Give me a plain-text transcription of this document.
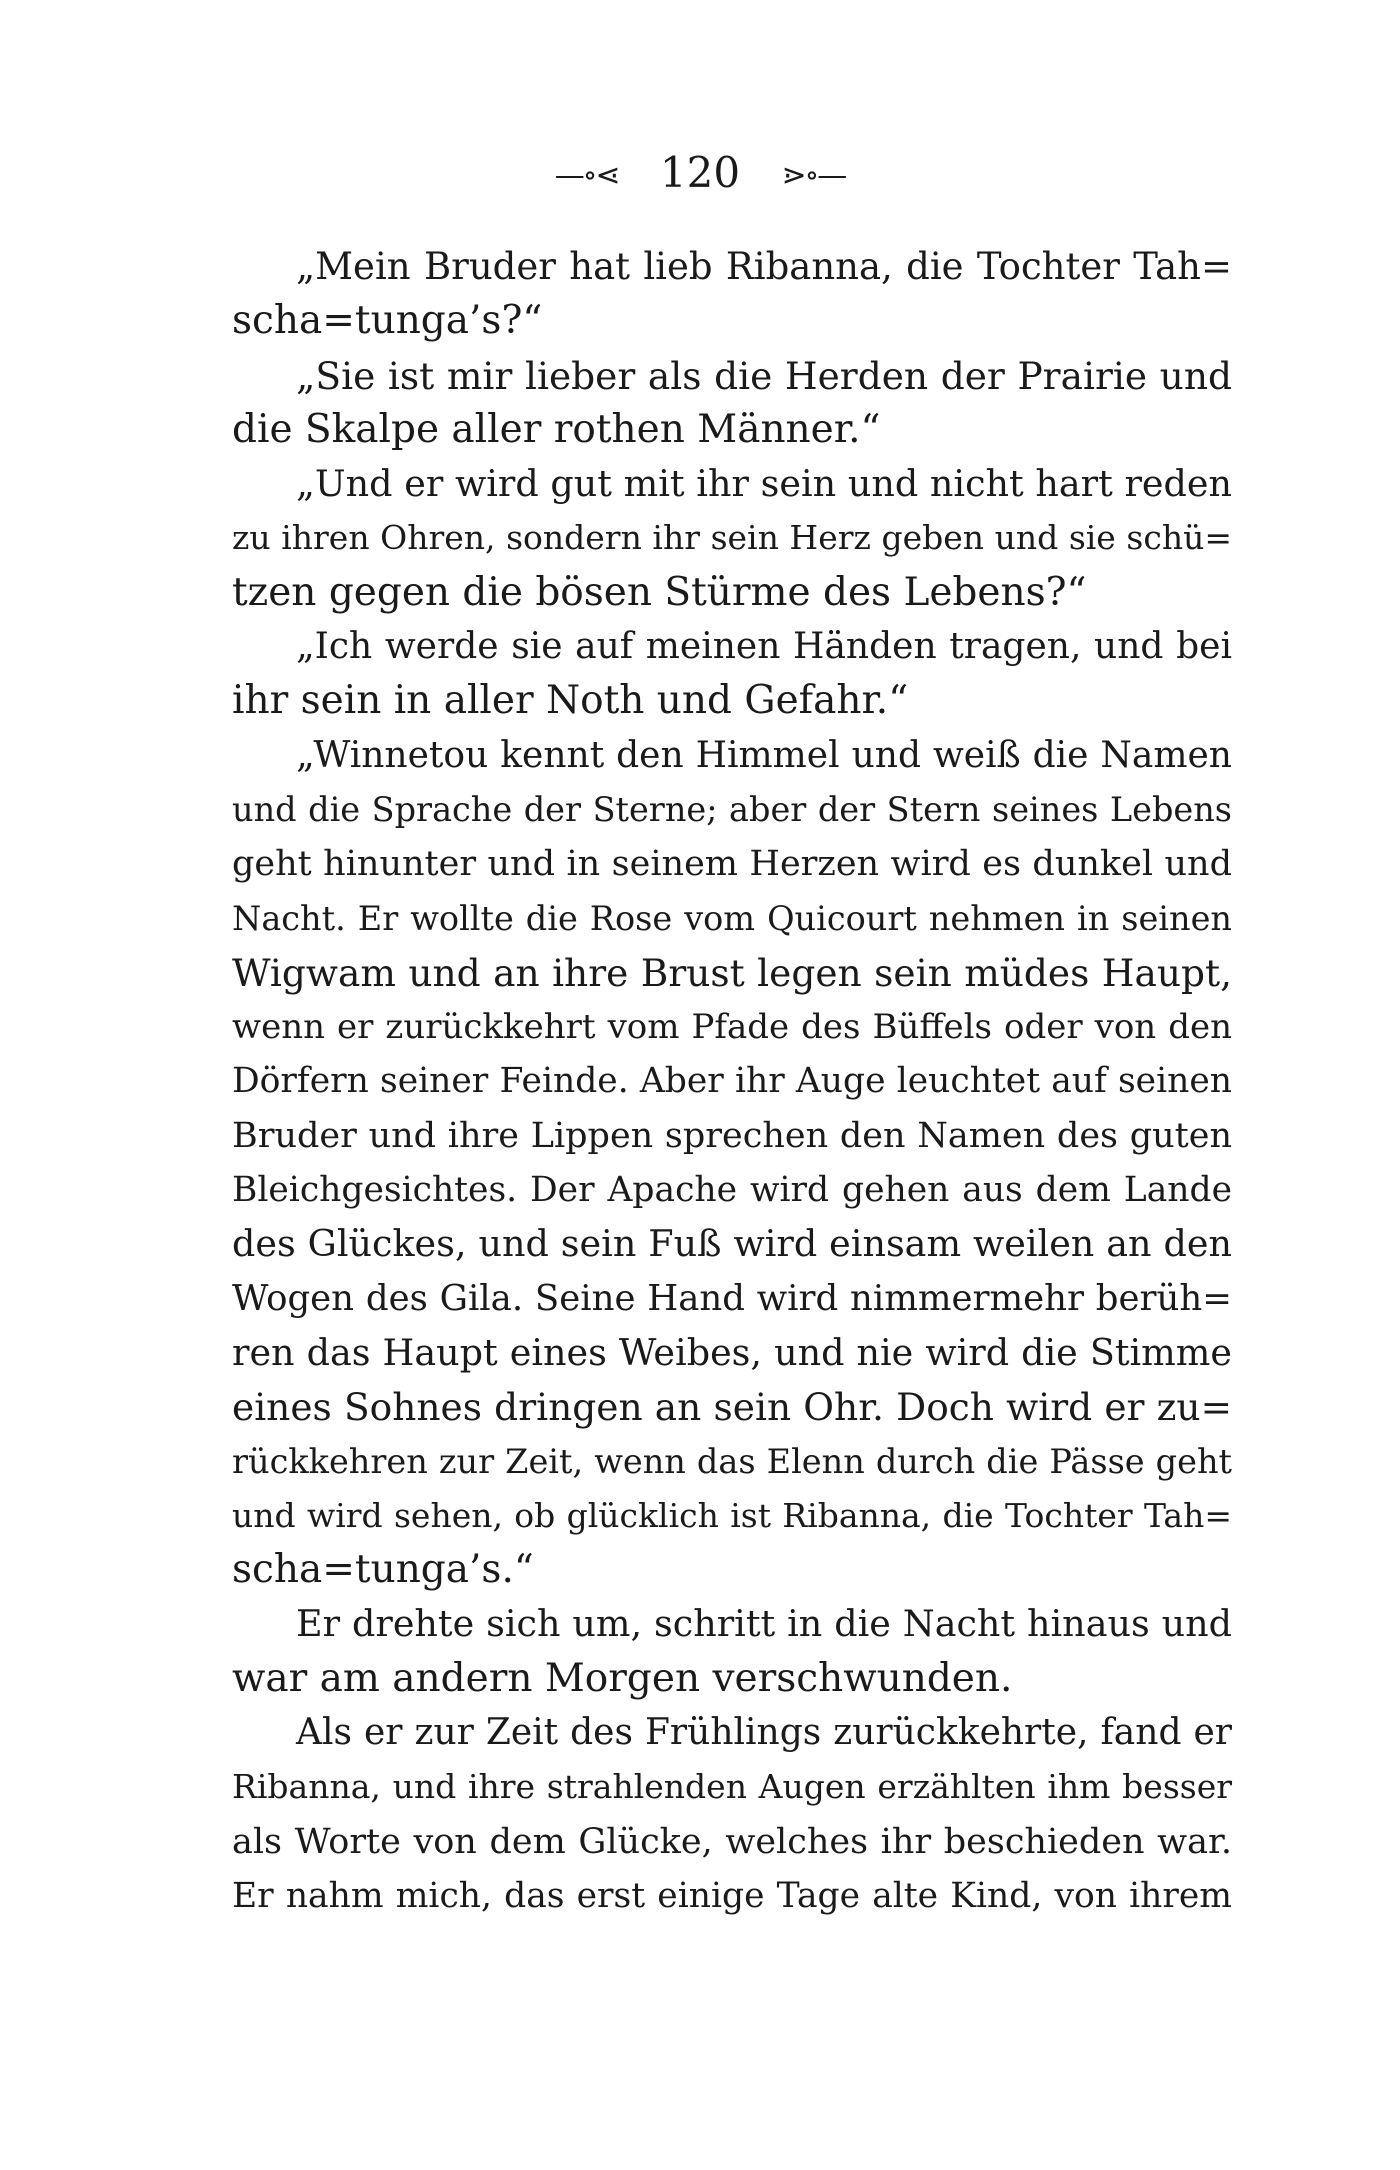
—∘⋖ 120 ⋗∘—
„Mein Bruder hat lieb Ribanna, die Tochter Tah=
scha=tunga’s?“
„Sie ist mir lieber als die Herden der Prairie und
die Skalpe aller rothen Männer.“
„Und er wird gut mit ihr sein und nicht hart reden
zu ihren Ohren, sondern ihr sein Herz geben und sie schü=
tzen gegen die bösen Stürme des Lebens?“
„Ich werde sie auf meinen Händen tragen, und bei
ihr sein in aller Noth und Gefahr.“
„Winnetou kennt den Himmel und weiß die Namen
und die Sprache der Sterne; aber der Stern seines Lebens
geht hinunter und in seinem Herzen wird es dunkel und
Nacht. Er wollte die Rose vom Quicourt nehmen in seinen
Wigwam und an ihre Brust legen sein müdes Haupt,
wenn er zurückkehrt vom Pfade des Büffels oder von den
Dörfern seiner Feinde. Aber ihr Auge leuchtet auf seinen
Bruder und ihre Lippen sprechen den Namen des guten
Bleichgesichtes. Der Apache wird gehen aus dem Lande
des Glückes, und sein Fuß wird einsam weilen an den
Wogen des Gila. Seine Hand wird nimmermehr berüh=
ren das Haupt eines Weibes, und nie wird die Stimme
eines Sohnes dringen an sein Ohr. Doch wird er zu=
rückkehren zur Zeit, wenn das Elenn durch die Pässe geht
und wird sehen, ob glücklich ist Ribanna, die Tochter Tah=
scha=tunga’s.“
Er drehte sich um, schritt in die Nacht hinaus und
war am andern Morgen verschwunden.
Als er zur Zeit des Frühlings zurückkehrte, fand er
Ribanna, und ihre strahlenden Augen erzählten ihm besser
als Worte von dem Glücke, welches ihr beschieden war.
Er nahm mich, das erst einige Tage alte Kind, von ihrem
